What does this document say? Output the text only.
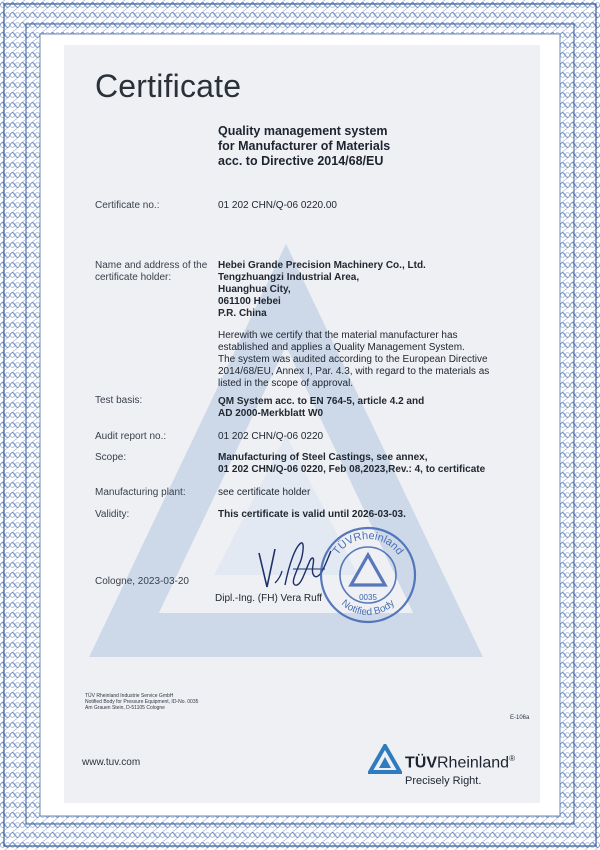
Certificate
Quality management system
for Manufacturer of Materials
acc. to Directive 2014/68/EU
Certificate no.:	01 202 CHN/Q-06 0220.00
Name and address of the
certificate holder:
Hebei Grande Precision Machinery Co., Ltd.
Tengzhuangzi Industrial Area,
Huanghua City,
061100 Hebei
P.R. China
Herewith we certify that the material manufacturer has
established and applies a Quality Management System.
The system was audited according to the European Directive
2014/68/EU, Annex I, Par. 4.3, with regard to the materials as
listed in the scope of approval.
Test basis:	QM System acc. to EN 764-5, article 4.2 and
AD 2000-Merkblatt W0
Audit report no.:	01 202 CHN/Q-06 0220
Scope:	Manufacturing of Steel Castings, see annex,
01 202 CHN/Q-06 0220, Feb 08,2023,Rev.: 4, to certificate
Manufacturing plant:	see certificate holder
Validity:	This certificate is valid until 2026-03-03.
TÜVRheinland
Notified Body
0035
Cologne, 2023-03-20
Dipl.-Ing. (FH) Vera Ruff
TÜV Rheinland Industrie Service GmbH
Notified Body for Pressure Equipment, ID-No. 0035
Am Grauen Stein, D-51105 Cologne
E-106a
www.tuv.com	TÜVRheinland®
Precisely Right.
